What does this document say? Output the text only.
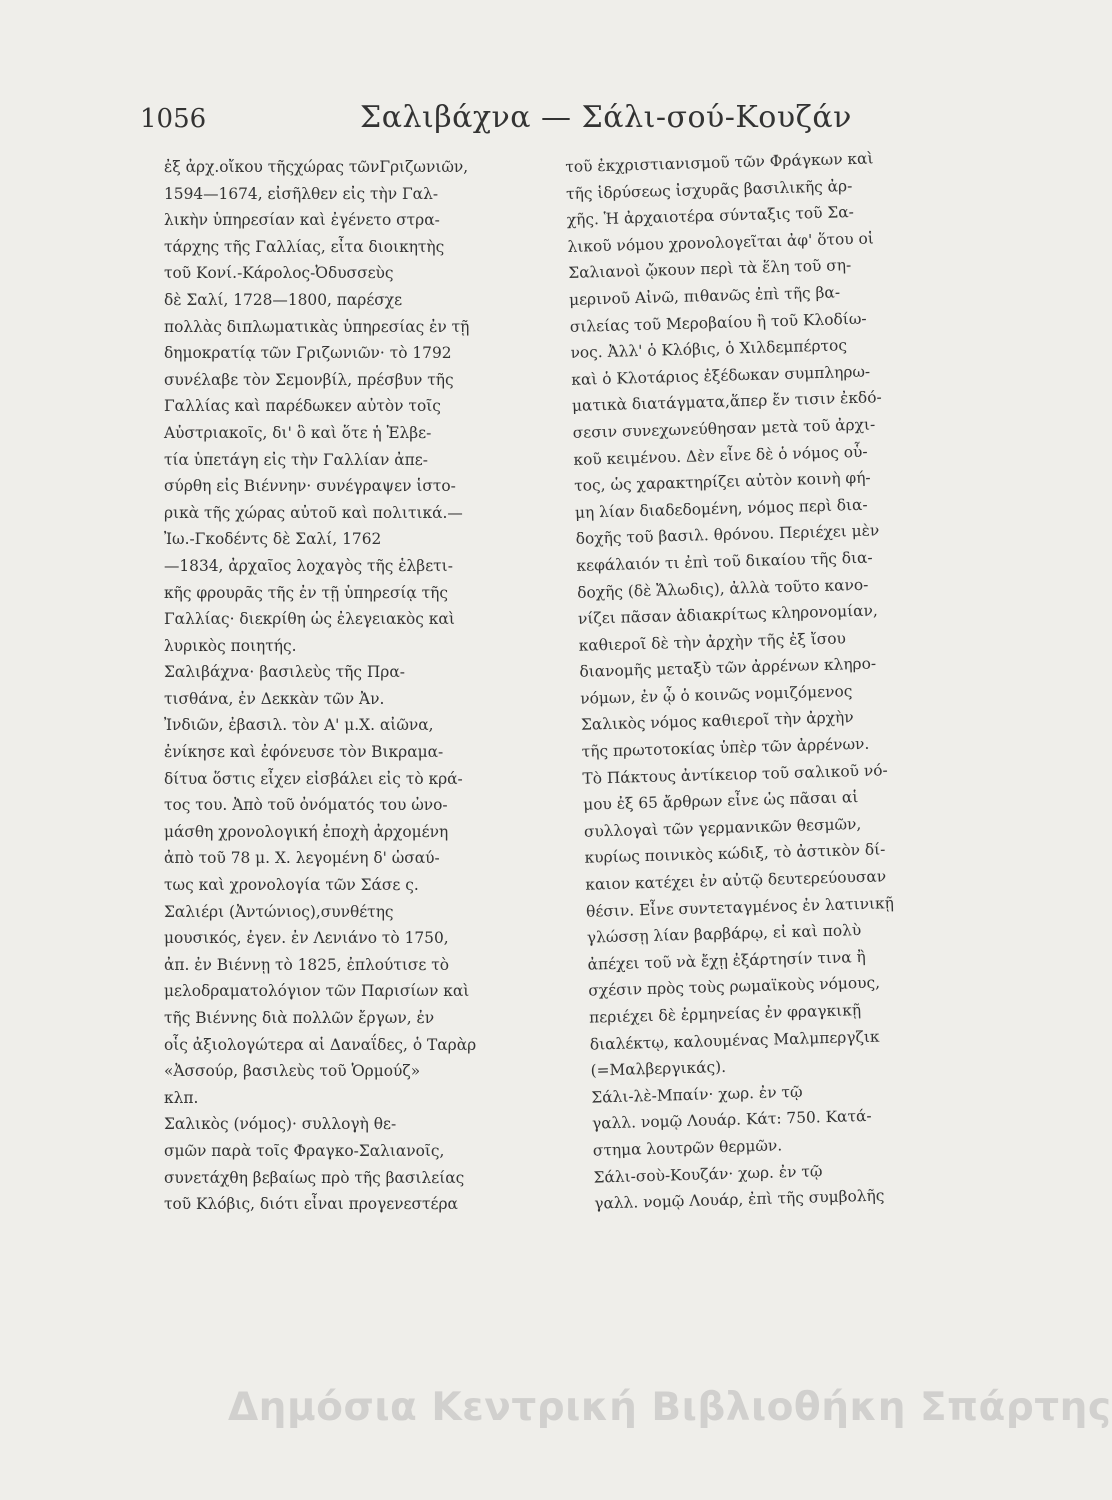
1056	Σαλιβάχνα — Σάλι-σού-Κουζάν
ἐξ ἀρχ.οἴκου τῆςχώρας τῶνΓριζωνιῶν,
1594—1674, εἰσῆλθεν εἰς τὴν Γαλ-
λικὴν ὑπηρεσίαν καὶ ἐγένετο στρα-
τάρχης τῆς Γαλλίας, εἶτα διοικητὴς
τοῦ Κονί.-Κάρολος-Ὀδυσσεὺς
δὲ Σαλί, 1728—1800, παρέσχε
πολλὰς διπλωματικὰς ὑπηρεσίας ἐν τῇ
δημοκρατίᾳ τῶν Γριζωνιῶν· τὸ 1792
συνέλαβε τὸν Σεμονβίλ, πρέσβυν τῆς
Γαλλίας καὶ παρέδωκεν αὐτὸν τοῖς
Αὐστριακοῖς, δι' ὃ καὶ ὅτε ἡ Ἑλβε-
τία ὑπετάγη εἰς τὴν Γαλλίαν ἀπε-
σύρθη εἰς Βιέννην· συνέγραψεν ἱστο-
ρικὰ τῆς χώρας αὐτοῦ καὶ πολιτικά.—
Ἰω.-Γκοδέντς δὲ Σαλί, 1762
—1834, ἀρχαῖος λοχαγὸς τῆς ἑλβετι-
κῆς φρουρᾶς τῆς ἐν τῇ ὑπηρεσίᾳ τῆς
Γαλλίας· διεκρίθη ὡς ἐλεγειακὸς καὶ
λυρικὸς ποιητής.
Σαλιβάχνα· βασιλεὺς τῆς Πρα-
τισθάνα, ἐν Δεκκὰν τῶν Ἀν.
Ἰνδιῶν, ἐβασιλ. τὸν Α' μ.Χ. αἰῶνα,
ἐνίκησε καὶ ἐφόνευσε τὸν Βικραμα-
δίτυα ὅστις εἶχεν εἰσβάλει εἰς τὸ κρά-
τος του. Ἀπὸ τοῦ ὀνόματός του ὠνο-
μάσθη χρονολογική ἐποχὴ ἀρχομένη
ἀπὸ τοῦ 78 μ. Χ. λεγομένη δ' ὡσαύ-
τως καὶ χρονολογία τῶν Σάσε ς.
Σαλιέρι (Ἀντώνιος),συνθέτης
μουσικός, ἐγεν. ἐν Λενιάνο τὸ 1750,
ἀπ. ἐν Βιέννῃ τὸ 1825, ἐπλούτισε τὸ
μελοδραματολόγιον τῶν Παρισίων καὶ
τῆς Βιέννης διὰ πολλῶν ἔργων, ἐν
οἷς ἀξιολογώτερα αἱ Δαναΐδες, ὁ Ταρὰρ
«Ἀσσούρ, βασιλεὺς τοῦ Ὁρμούζ»
κλπ.
Σαλικὸς (νόμος)· συλλογὴ θε-
σμῶν παρὰ τοῖς Φραγκο-Σαλιανοῖς,
συνετάχθη βεβαίως πρὸ τῆς βασιλείας
τοῦ Κλόβις, διότι εἶναι προγενεστέρα
τοῦ ἐκχριστιανισμοῦ τῶν Φράγκων καὶ
τῆς ἱδρύσεως ἰσχυρᾶς βασιλικῆς ἀρ-
χῆς. Ἡ ἀρχαιοτέρα σύνταξις τοῦ Σα-
λικοῦ νόμου χρονολογεῖται ἀφ' ὅτου οἱ
Σαλιανοὶ ᾤκουν περὶ τὰ ἕλη τοῦ ση-
μερινοῦ Αἰνῶ, πιθανῶς ἐπὶ τῆς βα-
σιλείας τοῦ Μεροβαίου ἢ τοῦ Κλοδίω-
νος. Ἀλλ' ὁ Κλόβις, ὁ Χιλδεμπέρτος
καὶ ὁ Κλοτάριος ἐξέδωκαν συμπληρω-
ματικὰ διατάγματα,ἅπερ ἔν τισιν ἐκδό-
σεσιν συνεχωνεύθησαν μετὰ τοῦ ἀρχι-
κοῦ κειμένου. Δὲν εἶνε δὲ ὁ νόμος οὗ-
τος, ὡς χαρακτηρίζει αὐτὸν κοινὴ φή-
μη λίαν διαδεδομένη, νόμος περὶ δια-
δοχῆς τοῦ βασιλ. θρόνου. Περιέχει μὲν
κεφάλαιόν τι ἐπὶ τοῦ δικαίου τῆς δια-
δοχῆς (δὲ Ἄλωδις), ἀλλὰ τοῦτο κανο-
νίζει πᾶσαν ἀδιακρίτως κληρονομίαν,
καθιεροῖ δὲ τὴν ἀρχὴν τῆς ἐξ ἴσου
διανομῆς μεταξὺ τῶν ἀρρένων κληρο-
νόμων, ἐν ᾧ ὁ κοινῶς νομιζόμενος
Σαλικὸς νόμος καθιεροῖ τὴν ἀρχὴν
τῆς πρωτοτοκίας ὑπὲρ τῶν ἀρρένων.
Τὸ Πάκτους ἀντίκειορ τοῦ σαλικοῦ νό-
μου ἐξ 65 ἄρθρων εἶνε ὡς πᾶσαι αἱ
συλλογαὶ τῶν γερμανικῶν θεσμῶν,
κυρίως ποινικὸς κώδιξ, τὸ ἀστικὸν δί-
καιον κατέχει ἐν αὐτῷ δευτερεύουσαν
θέσιν. Εἶνε συντεταγμένος ἐν λατινικῇ
γλώσσῃ λίαν βαρβάρῳ, εἰ καὶ πολὺ
ἀπέχει τοῦ νὰ ἔχῃ ἐξάρτησίν τινα ἢ
σχέσιν πρὸς τοὺς ρωμαϊκοὺς νόμους,
περιέχει δὲ ἑρμηνείας ἐν φραγκικῇ
διαλέκτῳ, καλουμένας Μαλμπεργζικ
(=Μαλβεργικάς).
Σάλι-λὲ-Μπαίν· χωρ. ἐν τῷ
γαλλ. νομῷ Λουάρ. Κάτ: 750. Κατά-
στημα λουτρῶν θερμῶν.
Σάλι-σοὺ-Κουζάν· χωρ. ἐν τῷ
γαλλ. νομῷ Λουάρ, ἐπὶ τῆς συμβολῆς
Δημόσια Κεντρική Βιβλιοθήκη Σπάρτης
